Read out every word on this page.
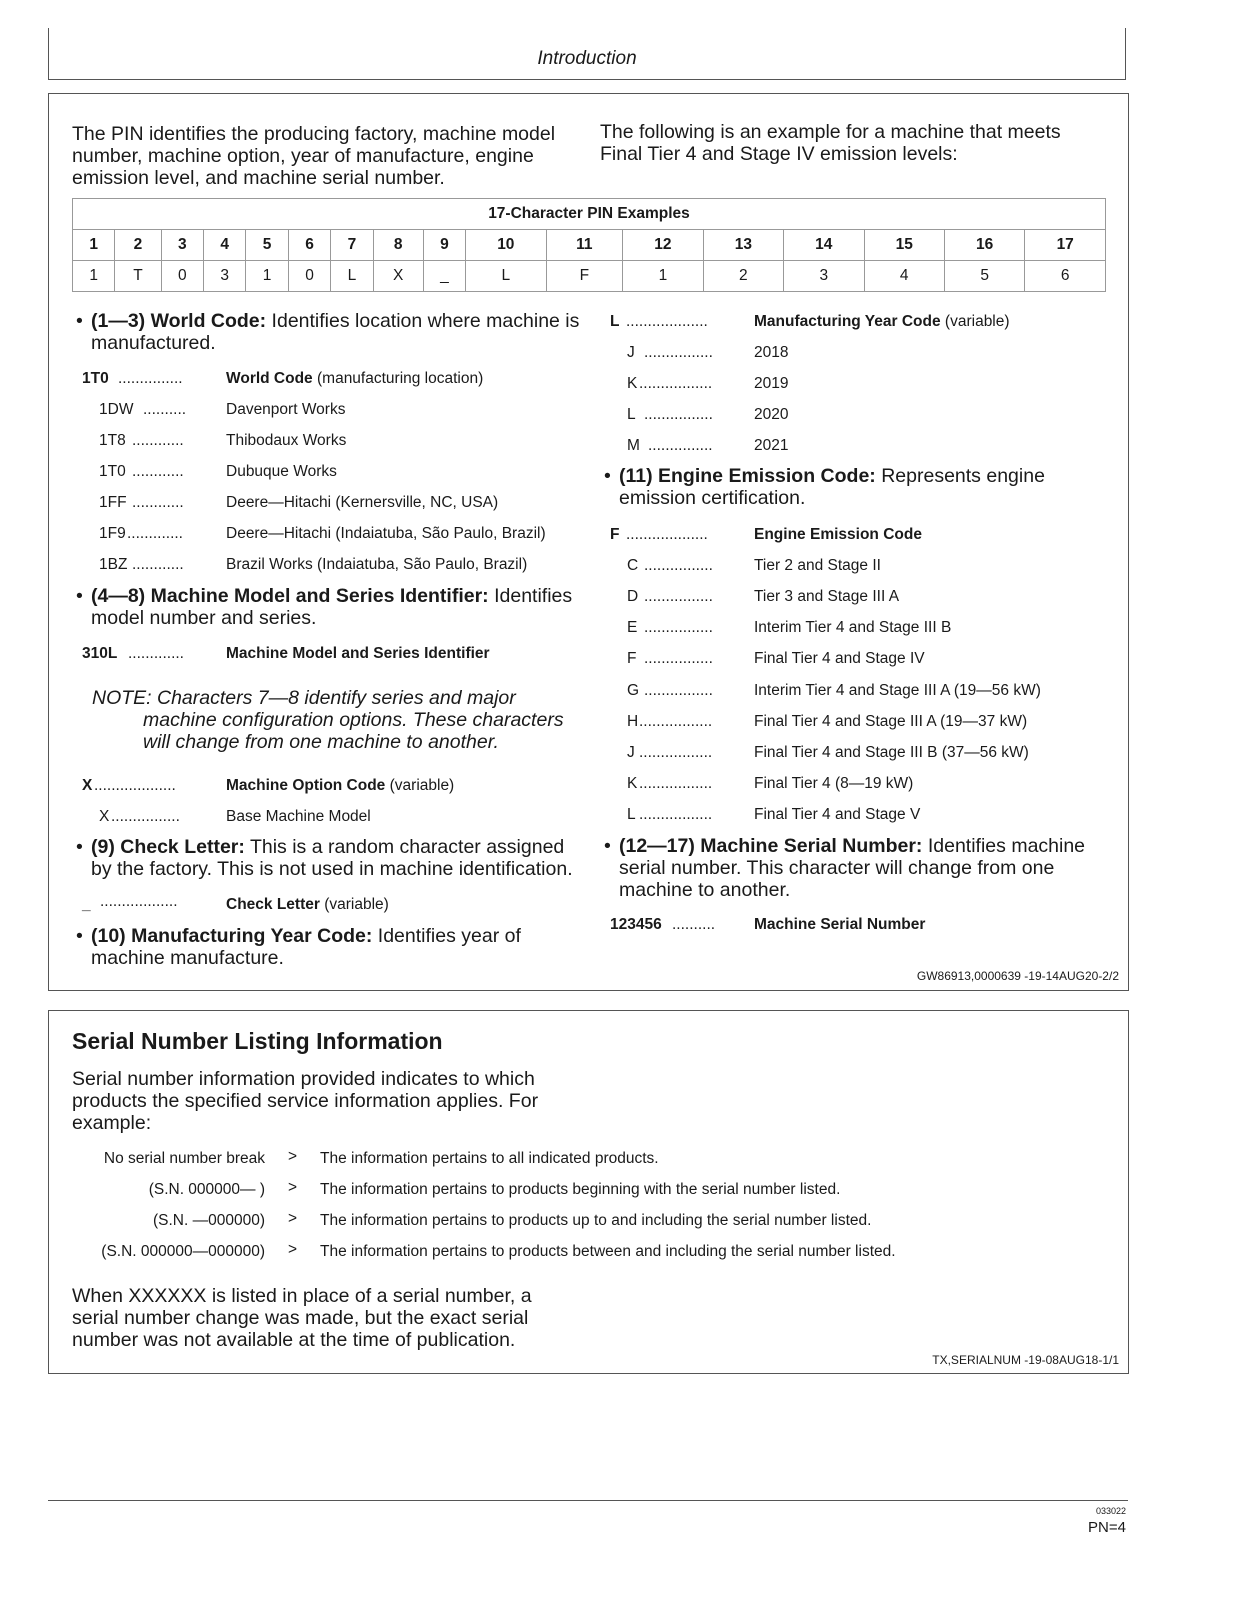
Introduction
The PIN identifies the producing factory, machine model number, machine option, year of manufacture, engine emission level, and machine serial number.
The following is an example for a machine that meets Final Tier 4 and Stage IV emission levels:
17-Character PIN Examples																
1	2	3	4	5	6	7	8	9	10	11	12	13	14	15	16	17
1	T	0	3	1	0	L	X	_	L	F	1	2	3	4	5	6
• (1—3) World Code: Identifies location where machine is manufactured.
1T0 ...............	World Code (manufacturing location)
1DW ..........	Davenport Works
1T8 ............	Thibodaux Works
1T0 ............	Dubuque Works
1FF ............	Deere—Hitachi (Kernersville, NC, USA)
1F9 .............	Deere—Hitachi (Indaiatuba, São Paulo, Brazil)
1BZ ............	Brazil Works (Indaiatuba, São Paulo, Brazil)
• (4—8) Machine Model and Series Identifier: Identifies model number and series.
310L .............	Machine Model and Series Identifier
NOTE: Characters 7—8 identify series and major
machine configuration options. These characters
will change from one machine to another.
X ...................	Machine Option Code (variable)
X ................	Base Machine Model
• (9) Check Letter: This is a random character assigned by the factory. This is not used in machine identification.
_ ..................	Check Letter (variable)
• (10) Manufacturing Year Code: Identifies year of machine manufacture.
L ...................	Manufacturing Year Code (variable)
J ................	2018
K .................	2019
L ................	2020
M ...............	2021
• (11) Engine Emission Code: Represents engine emission certification.
F ...................	Engine Emission Code
C ................	Tier 2 and Stage II
D ................	Tier 3 and Stage III A
E ................	Interim Tier 4 and Stage III B
F ................	Final Tier 4 and Stage IV
G ................	Interim Tier 4 and Stage III A (19—56 kW)
H .................	Final Tier 4 and Stage III A (19—37 kW)
J .................	Final Tier 4 and Stage III B (37—56 kW)
K .................	Final Tier 4 (8—19 kW)
L .................	Final Tier 4 and Stage V
• (12—17) Machine Serial Number: Identifies machine serial number. This character will change from one machine to another.
123456 ..........	Machine Serial Number
GW86913,0000639 -19-14AUG20-2/2
Serial Number Listing Information
Serial number information provided indicates to which products the specified service information applies. For example:
No serial number break > The information pertains to all indicated products.
(S.N. 000000— ) > The information pertains to products beginning with the serial number listed.
(S.N. —000000) > The information pertains to products up to and including the serial number listed.
(S.N. 000000—000000) > The information pertains to products between and including the serial number listed.
When XXXXXX is listed in place of a serial number, a serial number change was made, but the exact serial number was not available at the time of publication.
TX,SERIALNUM -19-08AUG18-1/1
033022
PN=4
